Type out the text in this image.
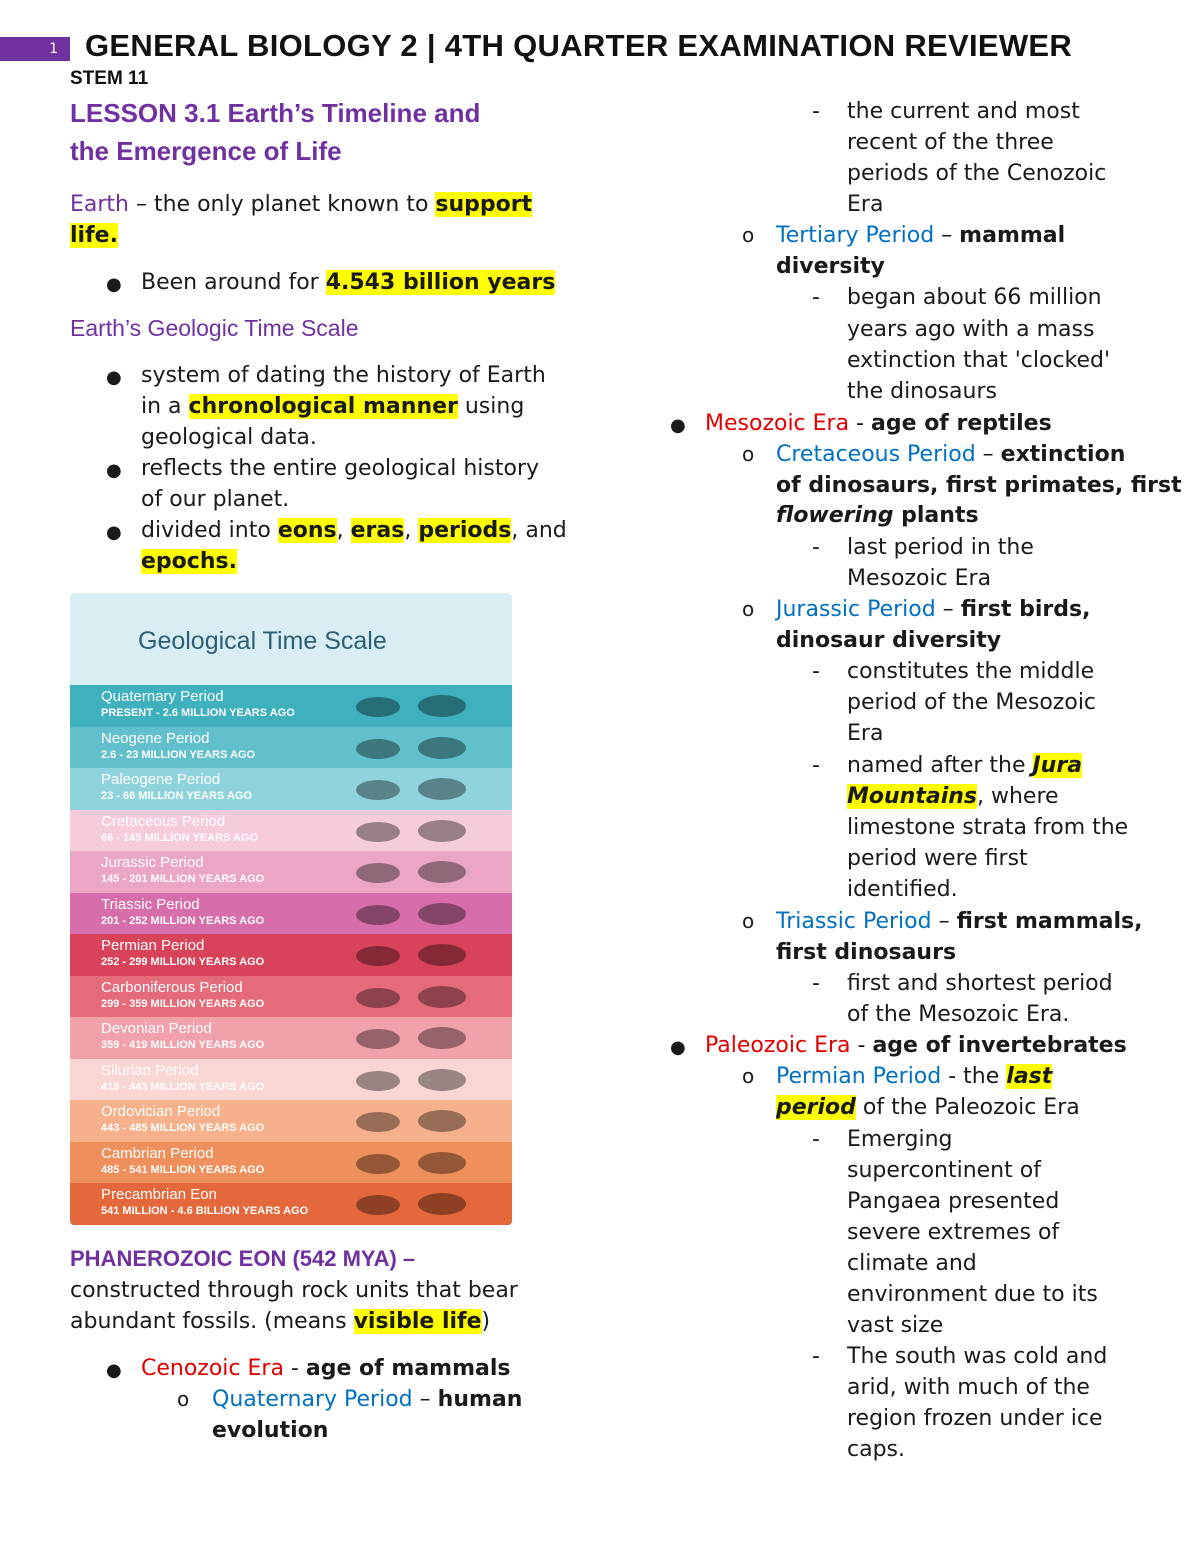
1 GENERAL BIOLOGY 2 | 4TH QUARTER EXAMINATION REVIEWER
STEM 11
LESSON 3.1 Earth’s Timeline and
the Emergence of Life
Earth – the only planet known to support
life.
● Been around for 4.543 billion years
Earth’s Geologic Time Scale
● system of dating the history of Earth
in a chronological manner using
geological data.
● reflects the entire geological history
of our planet.
● divided into eons, eras, periods, and
epochs.
Geological Time Scale
Quaternary Period
PRESENT - 2.6 MILLION YEARS AGO
Neogene Period
2.6 - 23 MILLION YEARS AGO
Paleogene Period
23 - 66 MILLION YEARS AGO
Cretaceous Period
66 - 145 MILLION YEARS AGO
Jurassic Period
145 - 201 MILLION YEARS AGO
Triassic Period
201 - 252 MILLION YEARS AGO
Permian Period
252 - 299 MILLION YEARS AGO
Carboniferous Period
299 - 359 MILLION YEARS AGO
Devonian Period
359 - 419 MILLION YEARS AGO
Silurian Period
419 - 443 MILLION YEARS AGO
Ordovician Period
443 - 485 MILLION YEARS AGO
Cambrian Period
485 - 541 MILLION YEARS AGO
Precambrian Eon
541 MILLION - 4.6 BILLION YEARS AGO
PHANEROZOIC EON (542 MYA) –
constructed through rock units that bear
abundant fossils. (means visible life)
● Cenozoic Era - age of mammals
o Quaternary Period – human
evolution
- the current and most
recent of the three
periods of the Cenozoic
Era
o Tertiary Period – mammal
diversity
- began about 66 million
years ago with a mass
extinction that 'clocked'
the dinosaurs
● Mesozoic Era - age of reptiles
o Cretaceous Period – extinction
of dinosaurs, first primates, first
flowering plants
- last period in the
Mesozoic Era
o Jurassic Period – first birds,
dinosaur diversity
- constitutes the middle
period of the Mesozoic
Era
- named after the Jura
Mountains, where
limestone strata from the
period were first
identified.
o Triassic Period – first mammals,
first dinosaurs
- first and shortest period
of the Mesozoic Era.
● Paleozoic Era - age of invertebrates
o Permian Period - the last
period of the Paleozoic Era
- Emerging
supercontinent of
Pangaea presented
severe extremes of
climate and
environment due to its
vast size
- The south was cold and
arid, with much of the
region frozen under ice
caps.
